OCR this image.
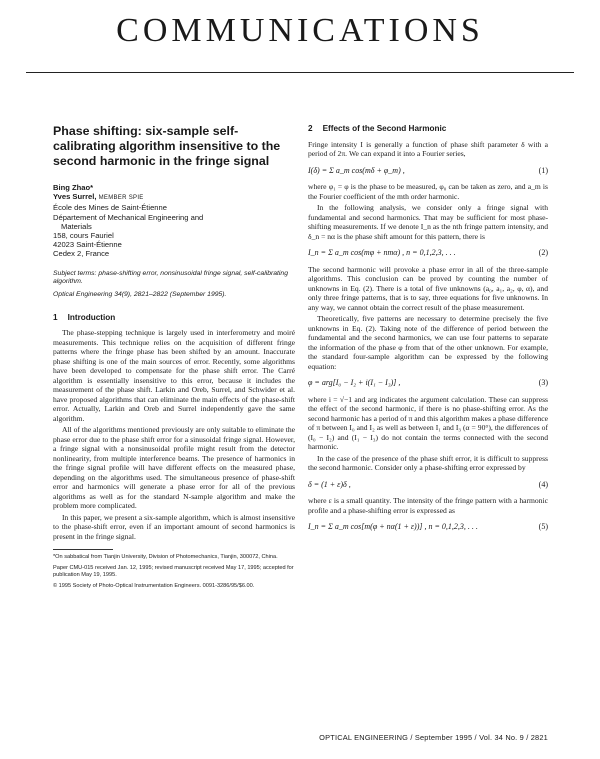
COMMUNICATIONS
Phase shifting: six-sample self-calibrating algorithm insensitive to the second harmonic in the fringe signal
Bing Zhao*
Yves Surrel, MEMBER SPIE
École des Mines de Saint-Étienne
Département of Mechanical Engineering and
Materials
158, cours Fauriel
42023 Saint-Étienne
Cedex 2, France
Subject terms: phase-shifting error, nonsinusoidal fringe signal, self-calibrating algorithm.
Optical Engineering 34(9), 2821–2822 (September 1995).
1 Introduction

The phase-stepping technique is largely used in interferometry and moiré measurements. This technique relies on the acquisition of different fringe patterns where the fringe phase has been shifted by an amount. Inaccurate phase shifting is one of the main sources of error. Recently, some algorithms have been developed to compensate for the phase shift error. The Carré algorithm is essentially insensitive to this error, because it includes the measurement of the phase shift. Larkin and Oreb, Surrel, and Schwider et al. have proposed algorithms that can eliminate the main effects of the phase-shift error. Actually, Larkin and Oreb and Surrel independently gave the same algorithm.

All of the algorithms mentioned previously are only suitable to eliminate the phase error due to the phase shift error for a sinusoidal fringe signal. However, a fringe signal with a nonsinusoidal profile might result from the detector nonlinearity, from multiple interference beams. The presence of harmonics in the fringe signal profile will have different effects on the measured phase, depending on the algorithms used. The simultaneous presence of phase-shift error and harmonics will generate a phase error for all of the previous algorithms as well as for the standard N-sample algorithm and make the problem more complicated.

In this paper, we present a six-sample algorithm, which is almost insensitive to the phase-shift error, even if an important amount of second harmonics is present in the fringe signal.

*On sabbatical from Tianjin University, Division of Photomechanics, Tianjin, 300072, China.
Paper CMU-015 received Jan. 12, 1995; revised manuscript received May 17, 1995; accepted for publication May 19, 1995.
© 1995 Society of Photo-Optical Instrumentation Engineers. 0091-3286/95/$6.00.
2 Effects of the Second Harmonic

Fringe intensity I is generally a function of phase shift parameter δ with a period of 2π. We can expand it into a Fourier series,

I(δ) = Σ a_m cos(mδ + φ_m) ,	(1)

where φ₁ = φ is the phase to be measured, φ₀ can be taken as zero, and a_m is the Fourier coefficient of the mth order harmonic.

In the following analysis, we consider only a fringe signal with fundamental and second harmonics. That may be sufficient for most phase-shifting measurements. If we denote I_n as the nth fringe pattern intensity, and δ_n = nα is the phase shift amount for this pattern, there is

I_n = Σ a_m cos(mφ + nmα) , n = 0,1,2,3, . . .	(2)

The second harmonic will provoke a phase error in all of the three-sample algorithms. This conclusion can be proved by counting the number of unknowns in Eq. (2). There is a total of five unknowns (a₀, a₁, a₂, φ, α), and only three fringe patterns, that is to say, three equations for five unknowns. In any way, we cannot obtain the correct result of the phase measurement.

Theoretically, five patterns are necessary to determine precisely the five unknowns in Eq. (2). Taking note of the difference of period between the fundamental and the second harmonics, we can use four patterns to separate the information of the phase φ from that of the other unknown. For example, the standard four-sample algorithm can be expressed by the following equation:

φ = arg[I₀ − I₂ + i(I₁ − I₃)] ,	(3)

where i = √−1 and arg indicates the argument calculation. These can suppress the effect of the second harmonic, if there is no phase-shifting error. As the second harmonic has a period of π and this algorithm makes a phase difference of π between I₀ and I₂ as well as between I₁ and I₃ (α = 90°), the differences of (I₀ − I₂) and (I₁ − I₃) do not contain the terms connected with the second harmonic.

In the case of the presence of the phase shift error, it is difficult to suppress the second harmonic. Consider only a phase-shifting error expressed by

δ = (1 + ε)δ ,	(4)

where ε is a small quantity. The intensity of the fringe pattern with a harmonic profile and a phase-shifting error is expressed as

I_n = Σ a_m cos[m(φ + nα(1 + ε))] , n = 0,1,2,3, . . .	(5)
OPTICAL ENGINEERING / September 1995 / Vol. 34 No. 9 / 2821
